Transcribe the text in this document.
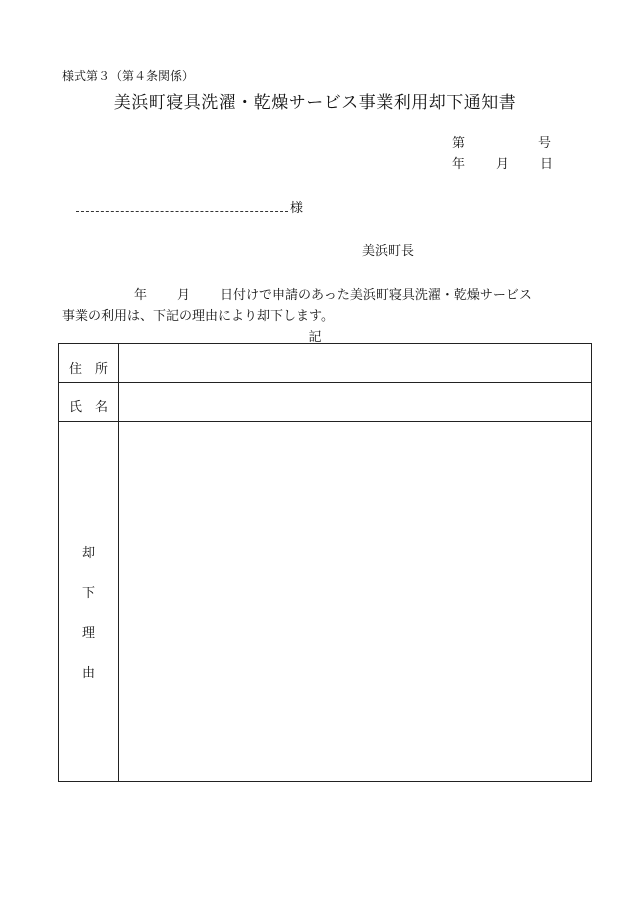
様式第３（第４条関係）
美浜町寝具洗濯・乾燥サービス事業利用却下通知書
第	号
年 月 日
様
美浜町長
年 月 日付けで申請のあった美浜町寝具洗濯・乾燥サービス
事業の利用は、下記の理由により却下します。
記
住　所
氏　名
却
下
理
由
